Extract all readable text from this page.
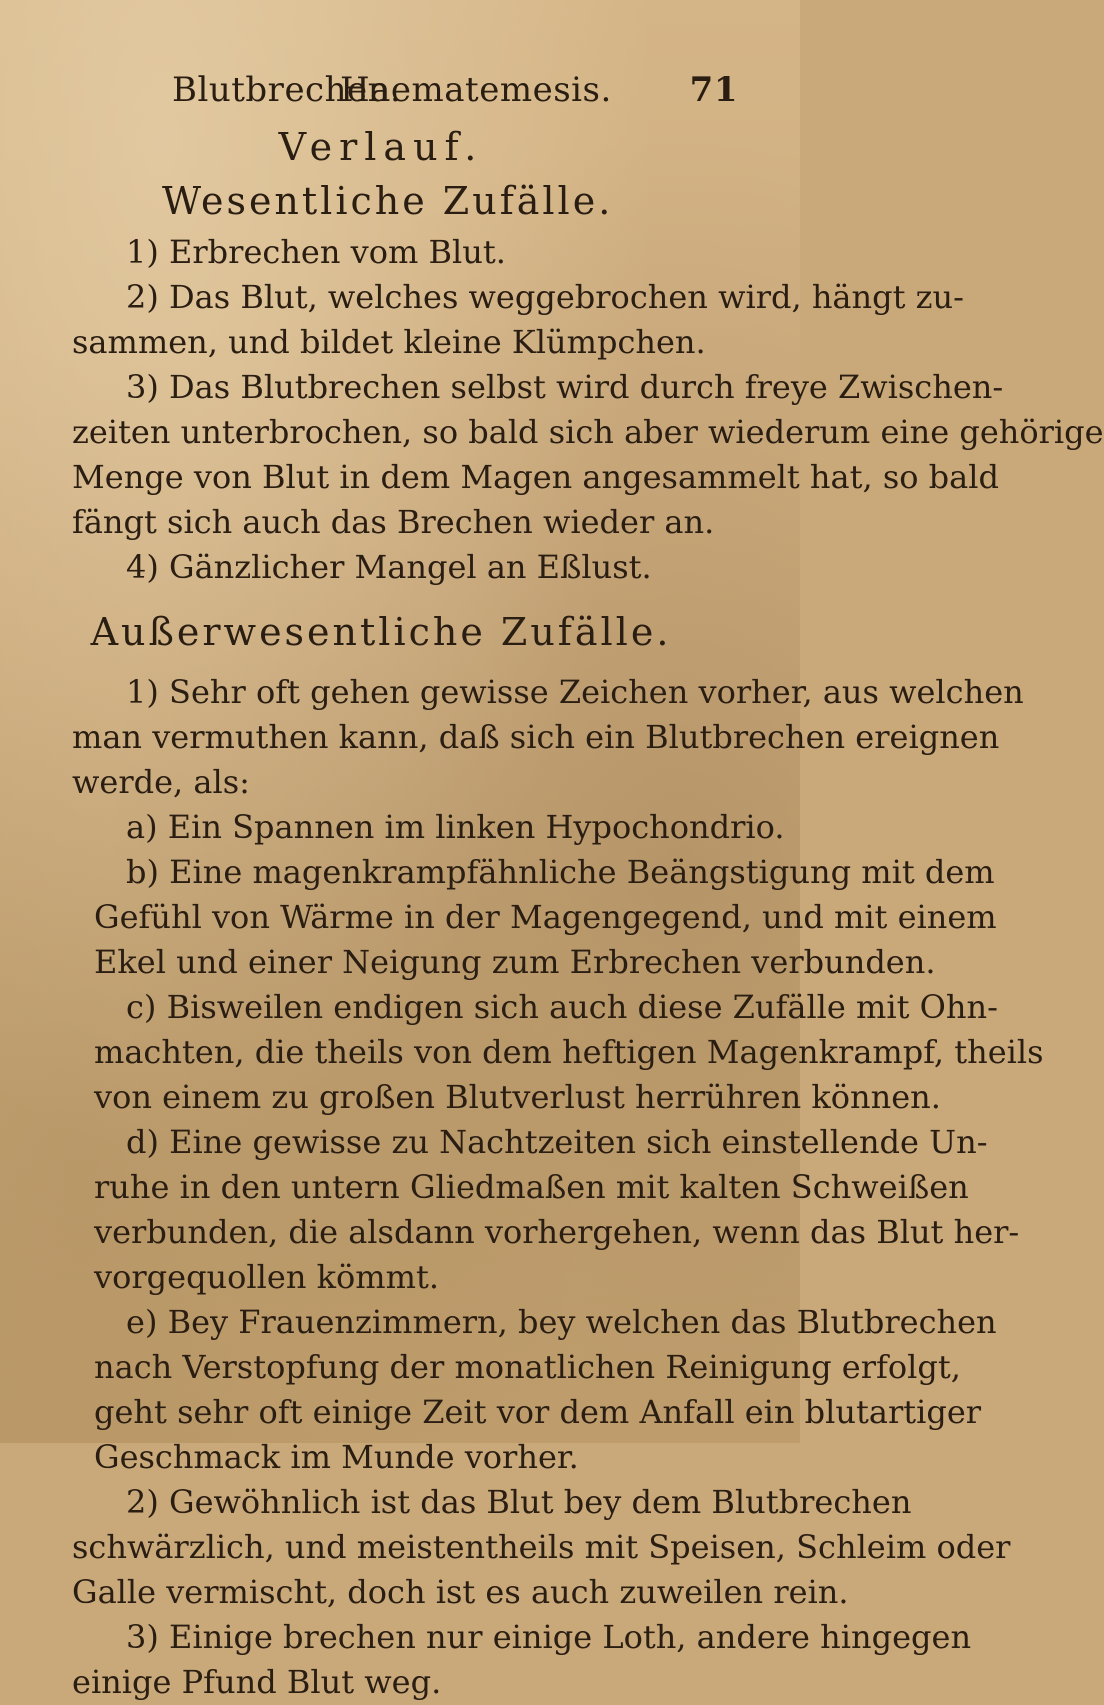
Blutbrechen.
Haematemesis. 71
Verlauf.
Wesentliche Zufälle.
1) Erbrechen vom Blut.
2) Das Blut, welches weggebrochen wird, hängt zu-
sammen, und bildet kleine Klümpchen.
3) Das Blutbrechen selbst wird durch freye Zwischen-
zeiten unterbrochen, so bald sich aber wiederum eine gehörige
Menge von Blut in dem Magen angesammelt hat, so bald
fängt sich auch das Brechen wieder an.
4) Gänzlicher Mangel an Eßlust.
Außerwesentliche Zufälle.
1) Sehr oft gehen gewisse Zeichen vorher, aus welchen
man vermuthen kann, daß sich ein Blutbrechen ereignen
werde, als:
a) Ein Spannen im linken Hypochondrio.
b) Eine magenkrampfähnliche Beängstigung mit dem
Gefühl von Wärme in der Magengegend, und mit einem
Ekel und einer Neigung zum Erbrechen verbunden.
c) Bisweilen endigen sich auch diese Zufälle mit Ohn-
machten, die theils von dem heftigen Magenkrampf, theils
von einem zu großen Blutverlust herrühren können.
d) Eine gewisse zu Nachtzeiten sich einstellende Un-
ruhe in den untern Gliedmaßen mit kalten Schweißen
verbunden, die alsdann vorhergehen, wenn das Blut her-
vorgequollen kömmt.
e) Bey Frauenzimmern, bey welchen das Blutbrechen
nach Verstopfung der monatlichen Reinigung erfolgt,
geht sehr oft einige Zeit vor dem Anfall ein blutartiger
Geschmack im Munde vorher.
2) Gewöhnlich ist das Blut bey dem Blutbrechen
schwärzlich, und meistentheils mit Speisen, Schleim oder
Galle vermischt, doch ist es auch zuweilen rein.
3) Einige brechen nur einige Loth, andere hingegen
einige Pfund Blut weg.
